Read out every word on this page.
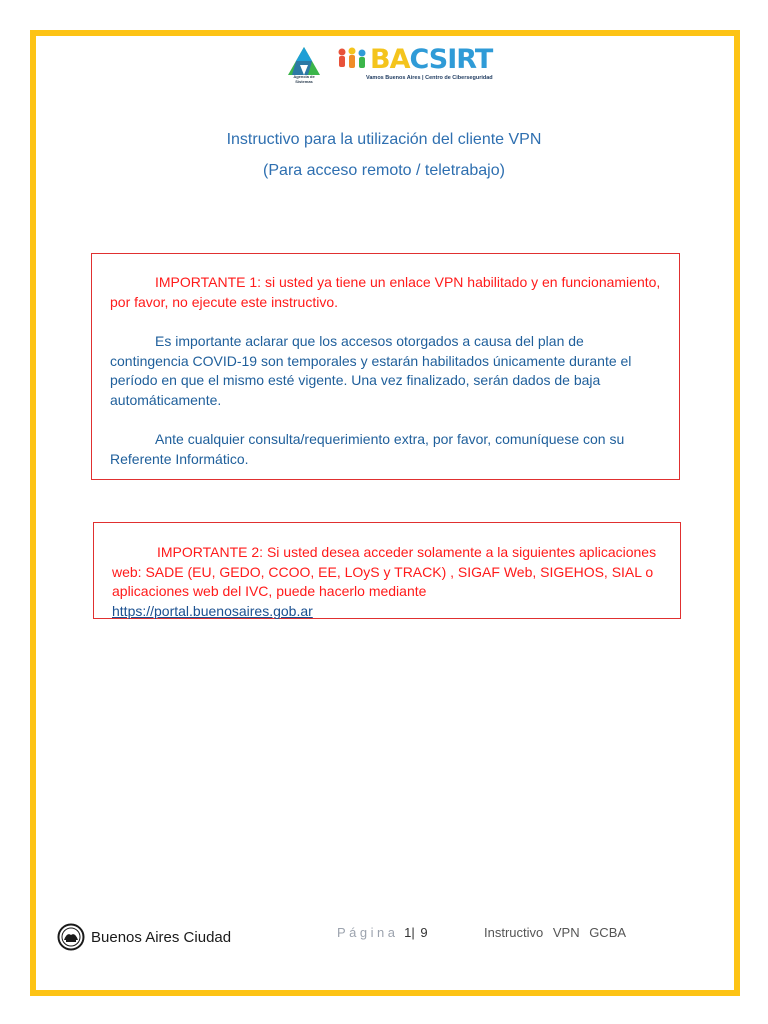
Agencia de Sistemas
BACSIRT
Vamos Buenos Aires | Centro de Ciberseguridad
Instructivo para la utilización del cliente VPN
(Para acceso remoto / teletrabajo)

IMPORTANTE 1: si usted ya tiene un enlace VPN habilitado y en funcionamiento, por favor, no ejecute este instructivo.

Es importante aclarar que los accesos otorgados a causa del plan de contingencia COVID-19 son temporales y estarán habilitados únicamente durante el período en que el mismo esté vigente. Una vez finalizado, serán dados de baja automáticamente.

Ante cualquier consulta/requerimiento extra, por favor, comuníquese con su Referente Informático.

IMPORTANTE 2: Si usted desea acceder solamente a la siguientes aplicaciones web: SADE (EU, GEDO, CCOO, EE, LOyS y TRACK) , SIGAF Web, SIGEHOS, SIAL o aplicaciones web del IVC, puede hacerlo mediante
https://portal.buenosaires.gob.ar

Buenos Aires Ciudad	Página 1| 9	Instructivo VPN GCBA
